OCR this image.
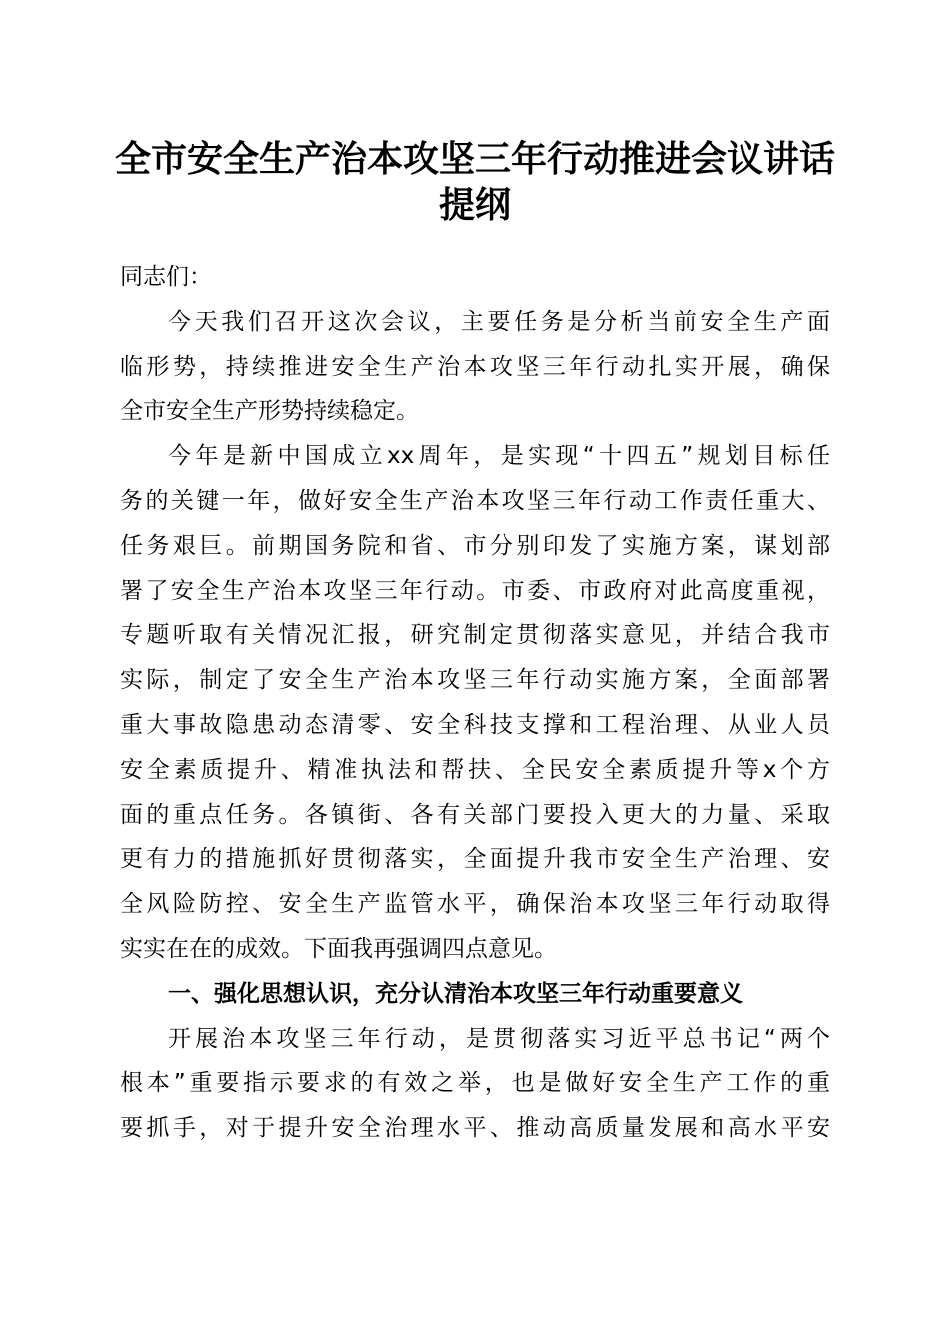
全市安全生产治本攻坚三年行动推进会议讲话
提纲
同志们：
今天我们召开这次会议，主要任务是分析当前安全生产面
临形势，持续推进安全生产治本攻坚三年行动扎实开展，确保
全市安全生产形势持续稳定。
今年是新中国成立xx周年，是实现“十四五”规划目标任
务的关键一年，做好安全生产治本攻坚三年行动工作责任重大、
任务艰巨。前期国务院和省、市分别印发了实施方案，谋划部
署了安全生产治本攻坚三年行动。市委、市政府对此高度重视，
专题听取有关情况汇报，研究制定贯彻落实意见，并结合我市
实际，制定了安全生产治本攻坚三年行动实施方案，全面部署
重大事故隐患动态清零、安全科技支撑和工程治理、从业人员
安全素质提升、精准执法和帮扶、全民安全素质提升等x个方
面的重点任务。各镇街、各有关部门要投入更大的力量、采取
更有力的措施抓好贯彻落实，全面提升我市安全生产治理、安
全风险防控、安全生产监管水平，确保治本攻坚三年行动取得
实实在在的成效。下面我再强调四点意见。
一、强化思想认识，充分认清治本攻坚三年行动重要意义
开展治本攻坚三年行动，是贯彻落实习近平总书记“两个
根本”重要指示要求的有效之举，也是做好安全生产工作的重
要抓手，对于提升安全治理水平、推动高质量发展和高水平安
